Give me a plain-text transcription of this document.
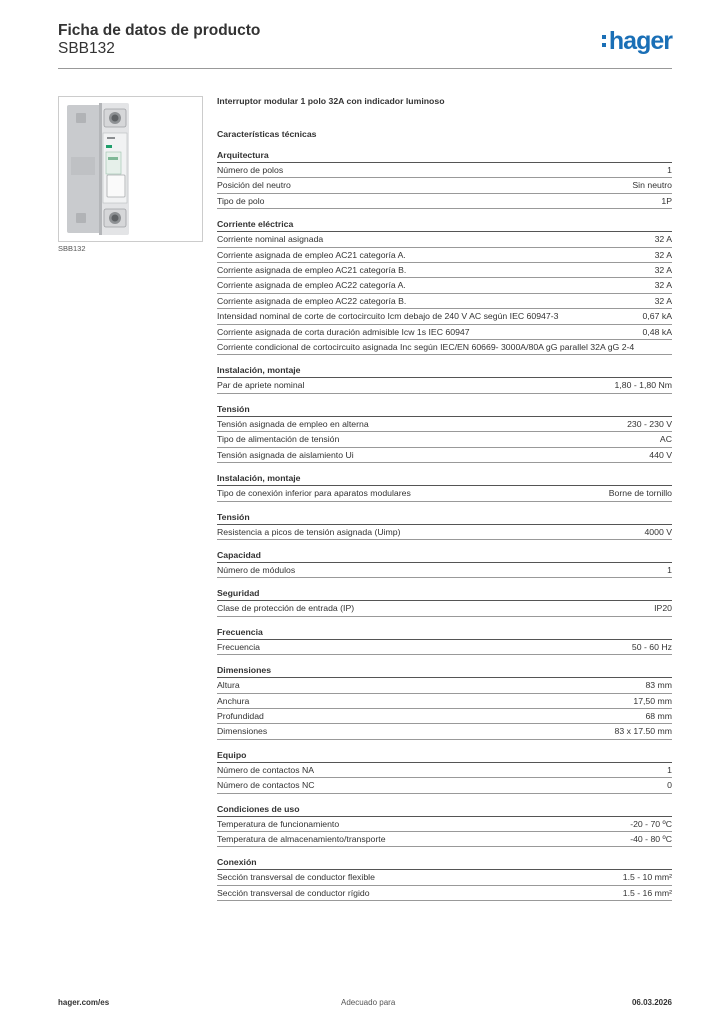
Ficha de datos de producto
SBB132	hager
SBB132
Interruptor modular 1 polo 32A con indicador luminoso
Características técnicas
Arquitectura
Número de polos	1
Posición del neutro	Sin neutro
Tipo de polo	1P
Corriente eléctrica
Corriente nominal asignada	32 A
Corriente asignada de empleo AC21 categoría A.	32 A
Corriente asignada de empleo AC21 categoría B.	32 A
Corriente asignada de empleo AC22 categoría A.	32 A
Corriente asignada de empleo AC22 categoría B.	32 A
Intensidad nominal de corte de cortocircuito Icm debajo de 240 V AC según IEC 60947-3	0,67 kA
Corriente asignada de corta duración admisible Icw 1s IEC 60947	0,48 kA
Corriente condicional de cortocircuito asignada Inc según IEC/EN 60669- 3000A/80A gG parallel 32A gG 2-4
Instalación, montaje
Par de apriete nominal	1,80 - 1,80 Nm
Tensión
Tensión asignada de empleo en alterna	230 - 230 V
Tipo de alimentación de tensión	AC
Tensión asignada de aislamiento Ui	440 V
Instalación, montaje
Tipo de conexión inferior para aparatos modulares	Borne de tornillo
Tensión
Resistencia a picos de tensión asignada (Uimp)	4000 V
Capacidad
Número de módulos	1
Seguridad
Clase de protección de entrada (IP)	IP20
Frecuencia
Frecuencia	50 - 60 Hz
Dimensiones
Altura	83 mm
Anchura	17,50 mm
Profundidad	68 mm
Dimensiones	83 x 17.50 mm
Equipo
Número de contactos NA	1
Número de contactos NC	0
Condiciones de uso
Temperatura de funcionamiento	-20 - 70 ºC
Temperatura de almacenamiento/transporte	-40 - 80 ºC
Conexión
Sección transversal de conductor flexible	1.5 - 10 mm²
Sección transversal de conductor rígido	1.5 - 16 mm²
hager.com/es	Adecuado para	06.03.2026
